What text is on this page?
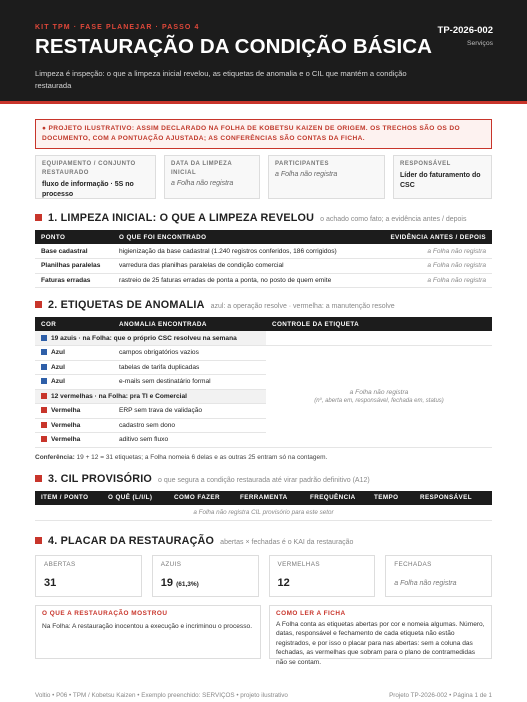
KIT TPM · FASE PLANEJAR · PASSO 4
RESTAURAÇÃO DA CONDIÇÃO BÁSICA
Limpeza é inspeção: o que a limpeza inicial revelou, as etiquetas de anomalia e o CIL que mantém a condição restaurada
TP-2026-002
Serviços
● PROJETO ILUSTRATIVO: ASSIM DECLARADO NA FOLHA DE KOBETSU KAIZEN DE ORIGEM. OS TRECHOS SÃO OS DO DOCUMENTO, COM A PONTUAÇÃO AJUSTADA; AS CONFERÊNCIAS SÃO CONTAS DA FICHA.
EQUIPAMENTO / CONJUNTO RESTAURADO
fluxo de informação · 5S no processo
DATA DA LIMPEZA INICIAL
a Folha não registra
PARTICIPANTES
a Folha não registra
RESPONSÁVEL
Líder do faturamento do CSC
1. LIMPEZA INICIAL: O QUE A LIMPEZA REVELOU o achado como fato; a evidência antes / depois
PONTO	O QUE FOI ENCONTRADO	EVIDÊNCIA ANTES / DEPOIS
Base cadastral	higienização da base cadastral (1.240 registros conferidos, 186 corrigidos)	a Folha não registra
Planilhas paralelas	varredura das planilhas paralelas de condição comercial	a Folha não registra
Faturas erradas	rastreio de 25 faturas erradas de ponta a ponta, no posto de quem emite	a Folha não registra
2. ETIQUETAS DE ANOMALIA azul: a operação resolve · vermelha: a manutenção resolve
COR	ANOMALIA ENCONTRADA	CONTROLE DA ETIQUETA
19 azuis · na Folha: que o próprio CSC resolveu na semana		
Azul	campos obrigatórios vazios	a Folha não registra
(nº, aberta em, responsável, fechada em, status)

Azul	tabelas de tarifa duplicadas	
Azul	e-mails sem destinatário formal	
12 vermelhas · na Folha: pra TI e Comercial		
Vermelha	ERP sem trava de validação	
Vermelha	cadastro sem dono	
Vermelha	aditivo sem fluxo	
Conferência: 19 + 12 = 31 etiquetas; a Folha nomeia 6 delas e as outras 25 entram só na contagem.
3. CIL PROVISÓRIO o que segura a condição restaurada até virar padrão definitivo (A12)
ITEM / PONTO	O QUÊ (L/I/L)	COMO FAZER	FERRAMENTA	FREQUÊNCIA	TEMPO	RESPONSÁVEL
a Folha não registra CIL provisório para este setor
4. PLACAR DA RESTAURAÇÃO abertas × fechadas é o KAI da restauração
ABERTAS
31
AZUIS
19 (61,3%)
VERMELHAS
12
FECHADAS
a Folha não registra
O QUE A RESTAURAÇÃO MOSTROU
Na Folha: A restauração inocentou a execução e incriminou o processo.
COMO LER A FICHA
A Folha conta as etiquetas abertas por cor e nomeia algumas. Número, datas, responsável e fechamento de cada etiqueta não estão registrados, e por isso o placar para nas abertas: sem a coluna das fechadas, as vermelhas que sobram para o plano de contramedidas não se contam.
Voltio • P06 • TPM / Kobetsu Kaizen • Exemplo preenchido: SERVIÇOS • projeto ilustrativo	Projeto TP-2026-002 • Página 1 de 1
